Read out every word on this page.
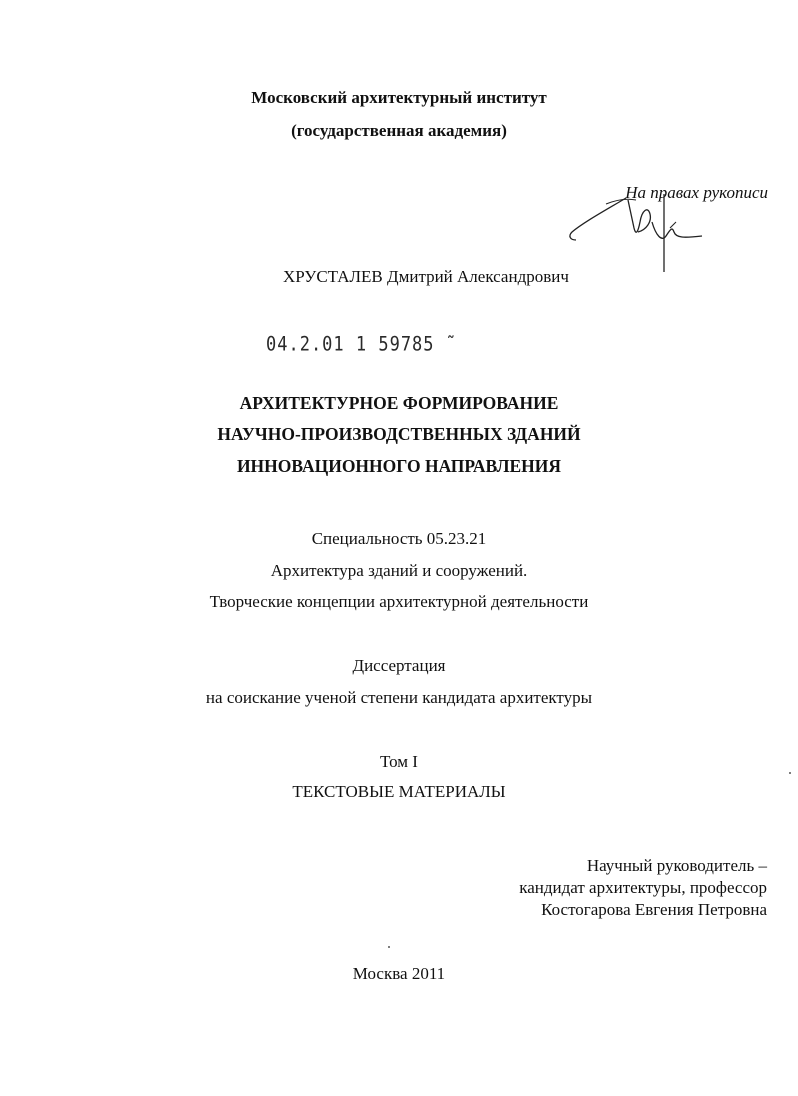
Московский архитектурный институт
(государственная академия)
На правах рукописи
ХРУСТАЛЕВ Дмитрий Александрович
04.2.01 1 59785 ˜
АРХИТЕКТУРНОЕ ФОРМИРОВАНИЕ
НАУЧНО-ПРОИЗВОДСТВЕННЫХ ЗДАНИЙ
ИННОВАЦИОННОГО НАПРАВЛЕНИЯ
Специальность 05.23.21
Архитектура зданий и сооружений.
Творческие концепции архитектурной деятельности
Диссертация
на соискание ученой степени кандидата архитектуры
Том I
ТЕКСТОВЫЕ МАТЕРИАЛЫ
Научный руководитель –
кандидат архитектуры, профессор
Костогарова Евгения Петровна
Москва 2011
